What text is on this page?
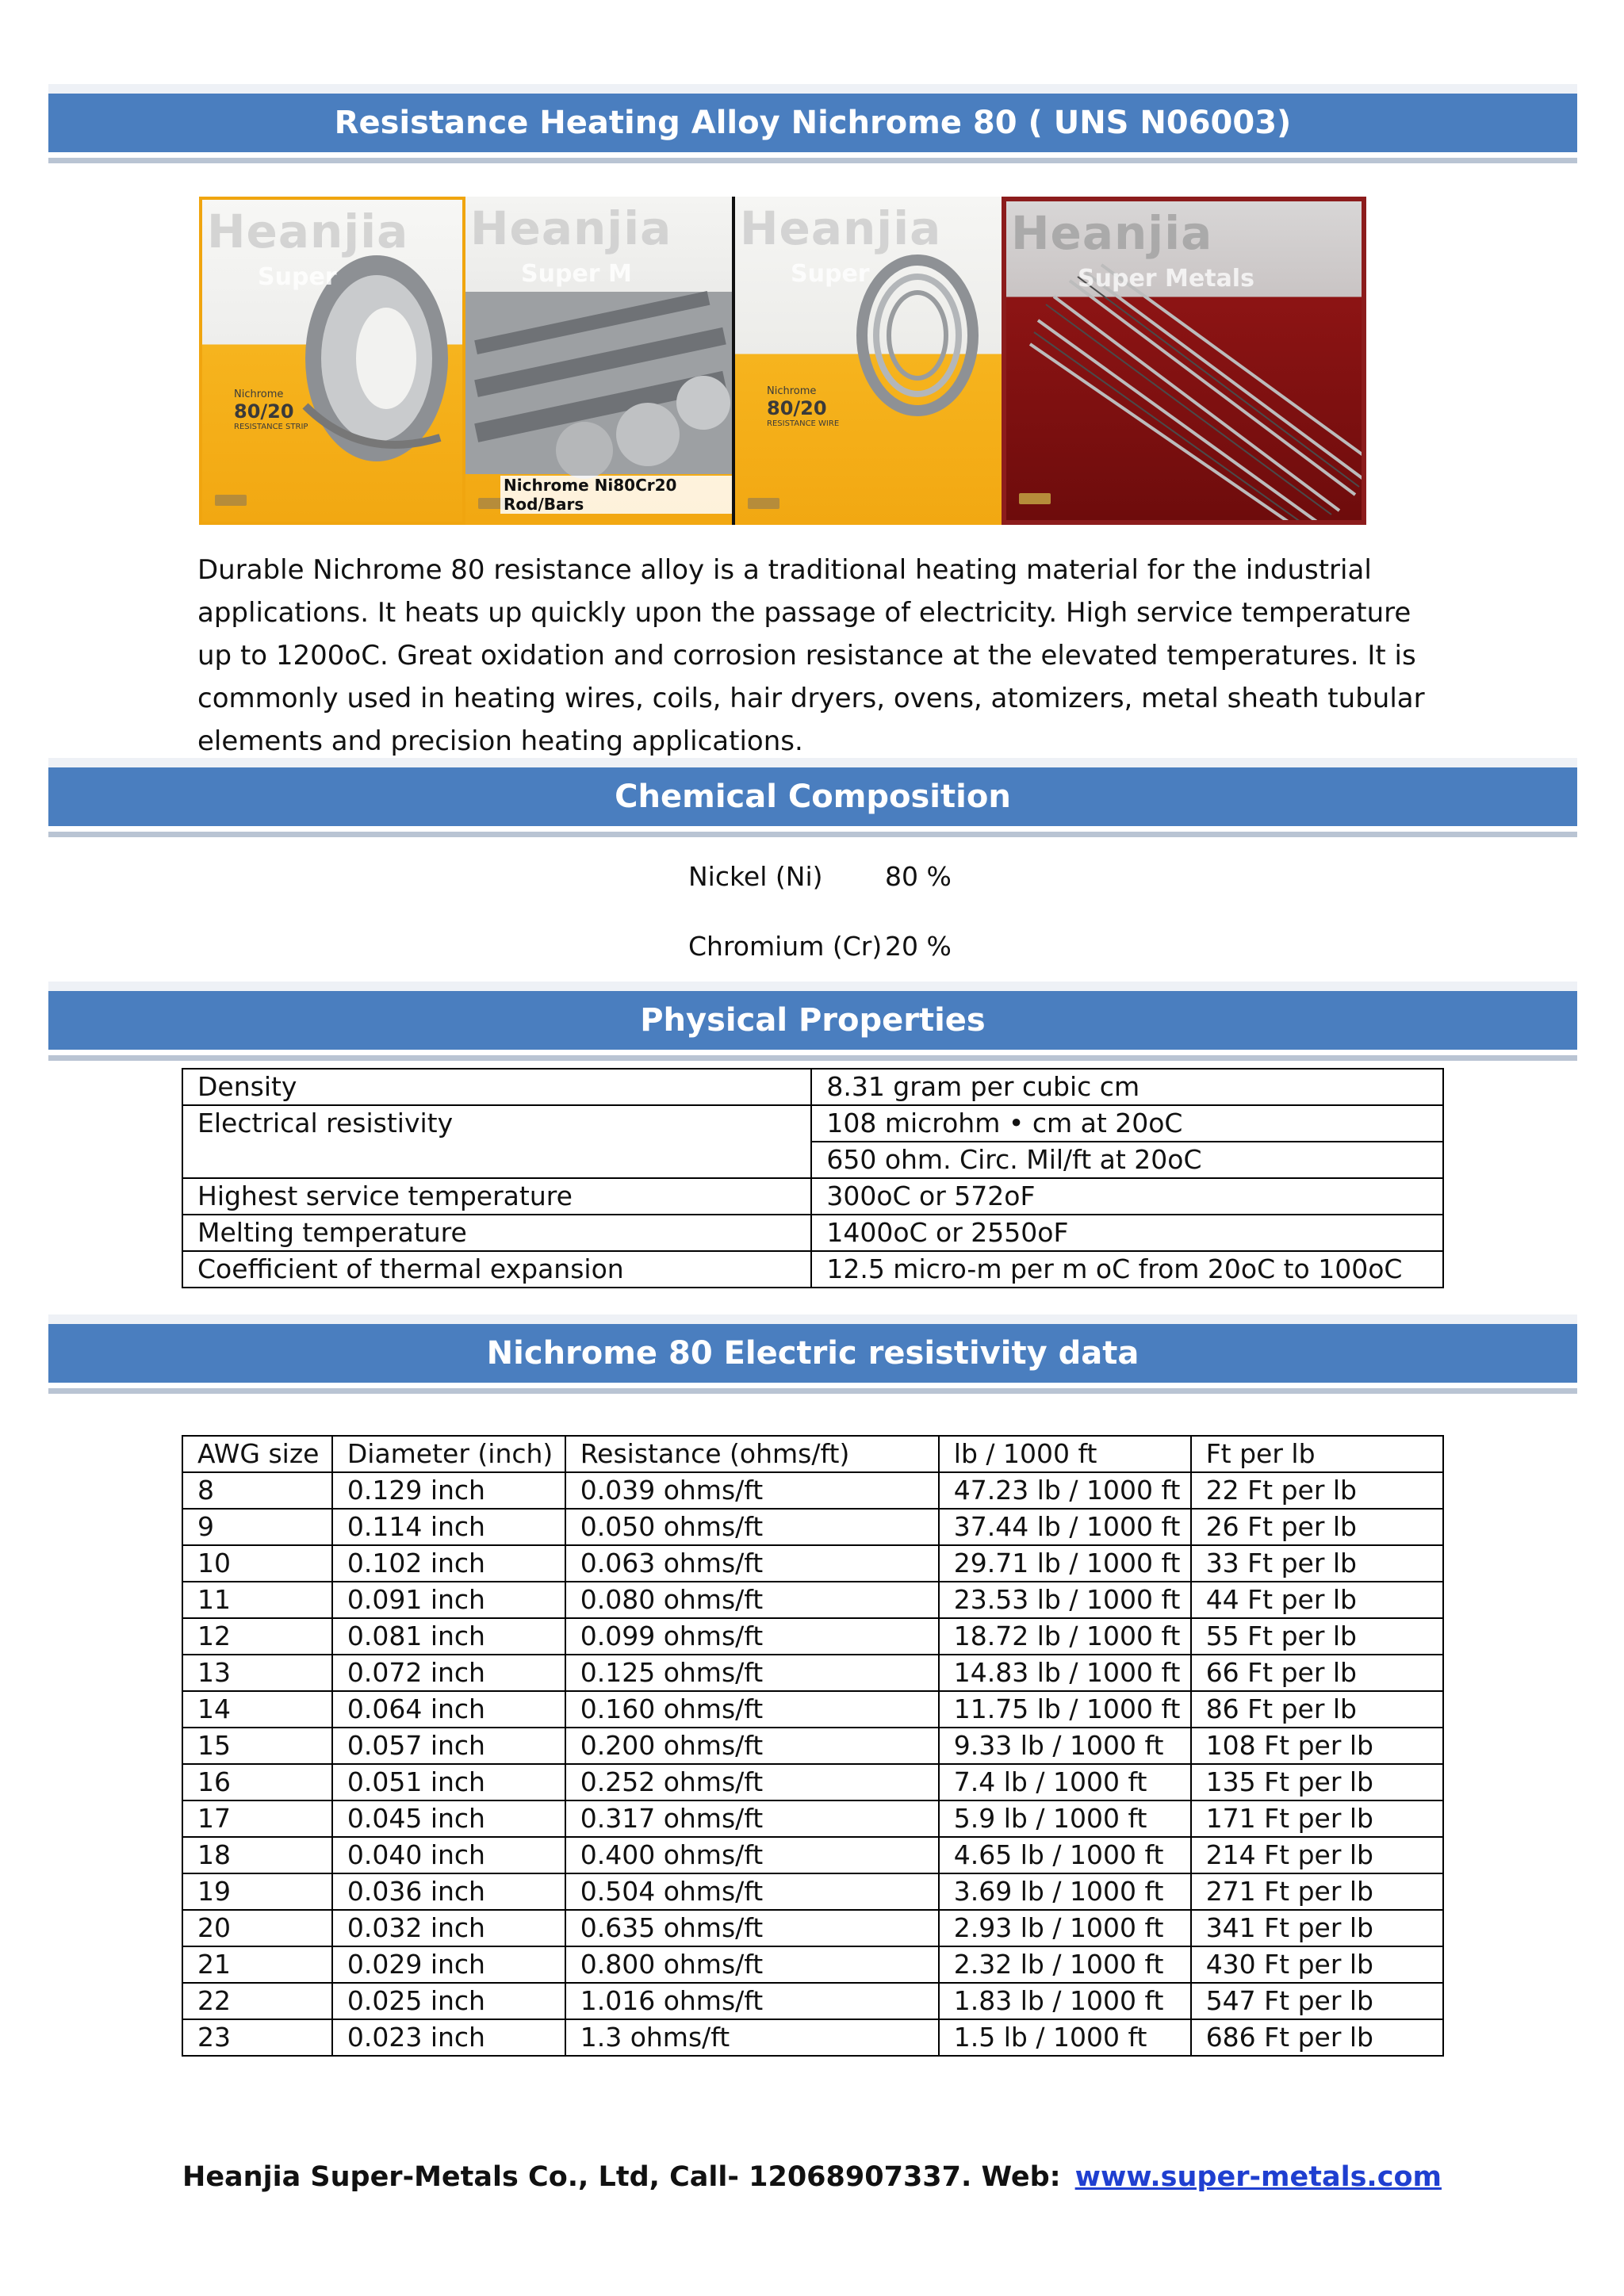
Resistance Heating Alloy Nichrome 80 ( UNS N06003)
Heanjia
Super
Nichrome
80/20
RESISTANCE STRIP
Heanjia
Super M
Nichrome Ni80Cr20 Rod/Bars
Heanjia
Super
Nichrome
80/20
RESISTANCE WIRE
Heanjia
Super Metals
Durable Nichrome 80 resistance alloy is a traditional heating material for the industrial applications. It heats up quickly upon the passage of electricity. High service temperature up to 1200oC. Great oxidation and corrosion resistance at the elevated temperatures. It is commonly used in heating wires, coils, hair dryers, ovens, atomizers, metal sheath tubular elements and precision heating applications.
Chemical Composition
Nickel (Ni) 80 %
Chromium (Cr) 20 %
Physical Properties
Density	8.31 gram per cubic cm
Electrical resistivity	108 microhm • cm at 20oC
	650 ohm. Circ. Mil/ft at 20oC
Highest service temperature	300oC or 572oF
Melting temperature	1400oC or 2550oF
Coefficient of thermal expansion	12.5 micro-m per m oC from 20oC to 100oC
Nichrome 80 Electric resistivity data
AWG size	Diameter (inch)	Resistance (ohms/ft)	lb / 1000 ft	Ft per lb
8	0.129 inch	0.039 ohms/ft	47.23 lb / 1000 ft	22 Ft per lb
9	0.114 inch	0.050 ohms/ft	37.44 lb / 1000 ft	26 Ft per lb
10	0.102 inch	0.063 ohms/ft	29.71 lb / 1000 ft	33 Ft per lb
11	0.091 inch	0.080 ohms/ft	23.53 lb / 1000 ft	44 Ft per lb
12	0.081 inch	0.099 ohms/ft	18.72 lb / 1000 ft	55 Ft per lb
13	0.072 inch	0.125 ohms/ft	14.83 lb / 1000 ft	66 Ft per lb
14	0.064 inch	0.160 ohms/ft	11.75 lb / 1000 ft	86 Ft per lb
15	0.057 inch	0.200 ohms/ft	9.33 lb / 1000 ft	108 Ft per lb
16	0.051 inch	0.252 ohms/ft	7.4 lb / 1000 ft	135 Ft per lb
17	0.045 inch	0.317 ohms/ft	5.9 lb / 1000 ft	171 Ft per lb
18	0.040 inch	0.400 ohms/ft	4.65 lb / 1000 ft	214 Ft per lb
19	0.036 inch	0.504 ohms/ft	3.69 lb / 1000 ft	271 Ft per lb
20	0.032 inch	0.635 ohms/ft	2.93 lb / 1000 ft	341 Ft per lb
21	0.029 inch	0.800 ohms/ft	2.32 lb / 1000 ft	430 Ft per lb
22	0.025 inch	1.016 ohms/ft	1.83 lb / 1000 ft	547 Ft per lb
23	0.023 inch	1.3 ohms/ft	1.5 lb / 1000 ft	686 Ft per lb
Heanjia Super-Metals Co., Ltd, Call- 12068907337. Web: www.super-metals.com
